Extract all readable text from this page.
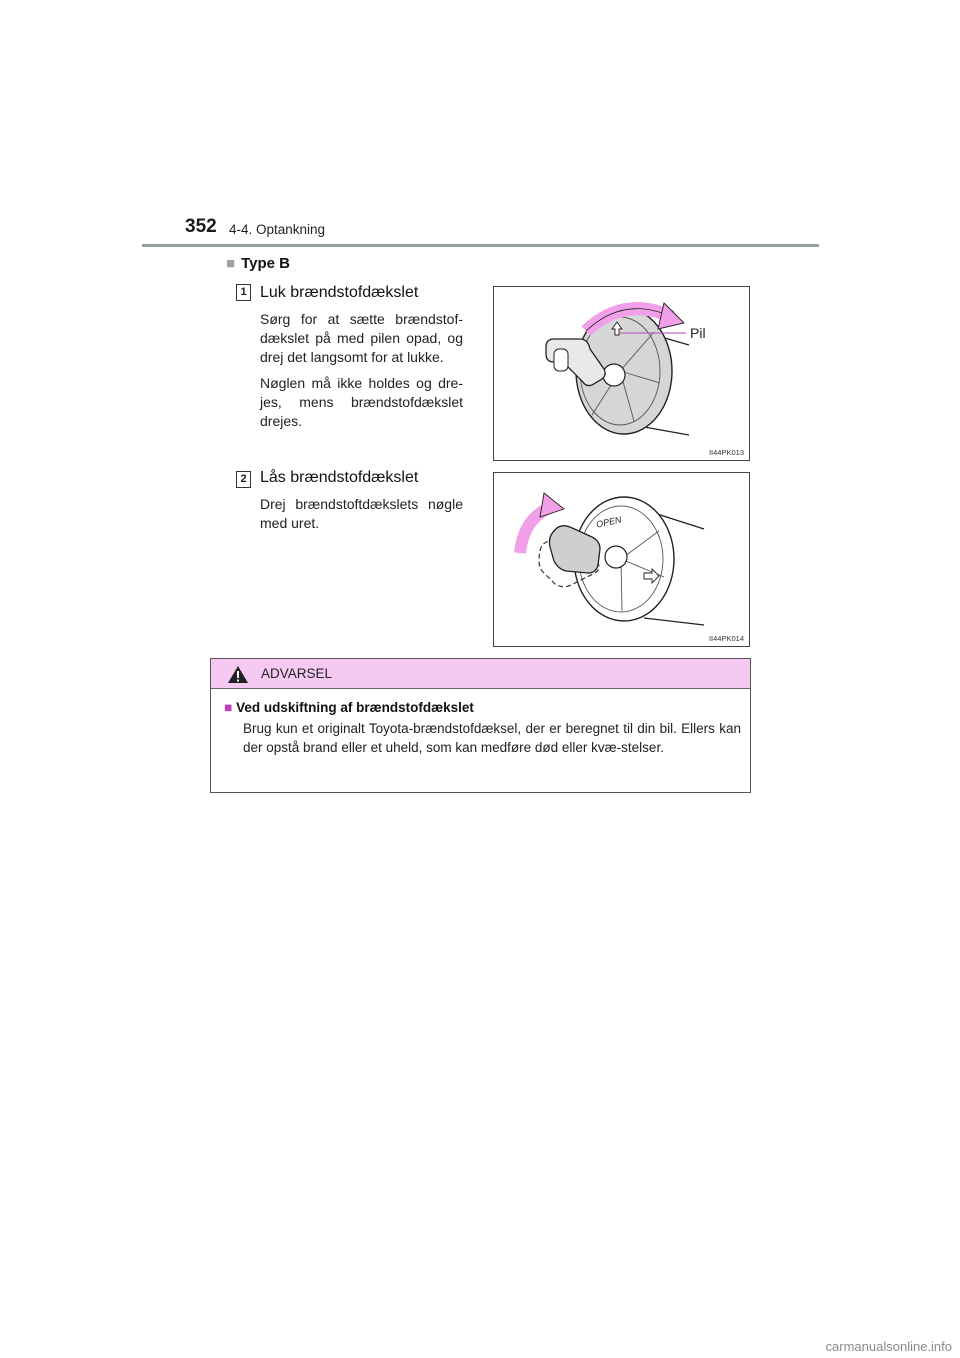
352 4-4. Optankning
■ Type B
1 Luk brændstofdækslet

Sørg for at sætte brændstof-dækslet på med pilen opad, og drej det langsomt for at lukke.

Nøglen må ikke holdes og dre-jes, mens brændstofdækslet drejes.

Pil
II44PK013
2 Lås brændstofdækslet

Drej brændstoftdækslets nøgle med uret.	OPEN
II44PK014
ADVARSEL
■ Ved udskiftning af brændstofdækslet
Brug kun et originalt Toyota-brændstofdæksel, der er beregnet til din bil. Ellers kan der opstå brand eller et uheld, som kan medføre død eller kvæ-stelser.
carmanualsonline.info
